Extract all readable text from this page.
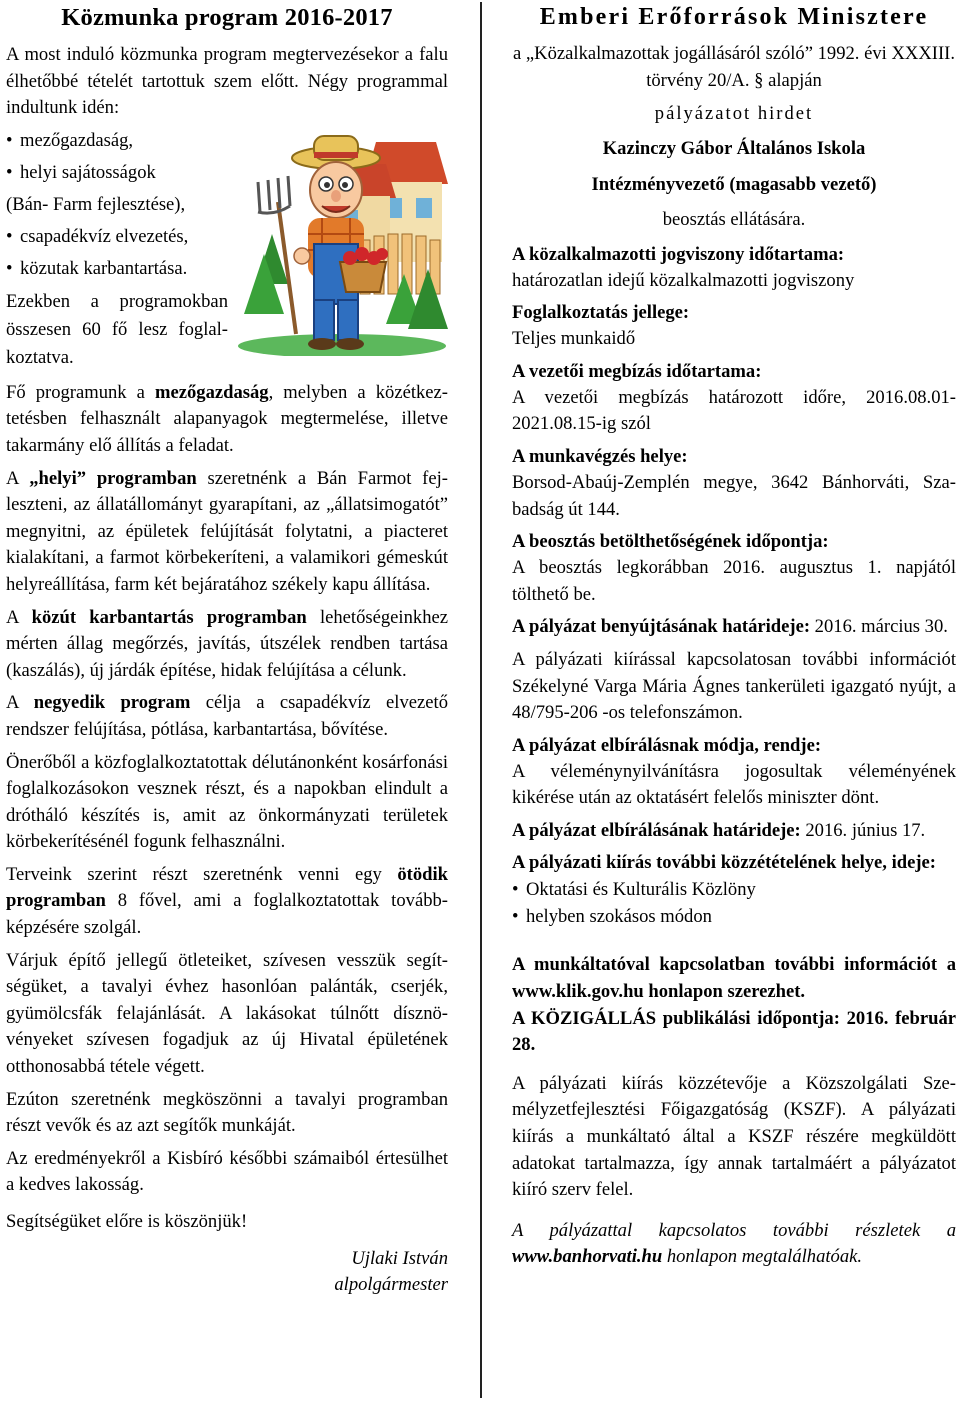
Közmunka program 2016-2017

A most induló közmunka program megtervezésekor a falu élhetőbbé tételét tartottuk szem előtt. Négy programmal indultunk idén:

• mezőgazdaság,
• helyi sajátosságok
(Bán- Farm fejlesztése),
• csapadékvíz elvezetés,
• közutak karbantartása.

Ezekben a programokban összesen 60 fő lesz foglalkoztatva.

Fő programunk a mezőgazdaság, melyben a közétkeztetésben felhasznált alapanyagok megtermelése, illetve takarmány elő állítás a feladat.

A „helyi” programban szeretnénk a Bán Farmot fejleszteni, az állatállományt gyarapítani, az „állatsimogatót” megnyitni, az épületek felújítását folytatni, a piacteret kialakítani, a farmot körbekeríteni, a valamikori gémeskút helyreállítása, farm két bejáratához székely kapu állítása.

A közút karbantartás programban lehetőségeinkhez mérten állag megőrzés, javítás, útszélek rendben tartása (kaszálás), új járdák építése, hidak felújítása a célunk.

A negyedik program célja a csapadékvíz elvezető rendszer felújítása, pótlása, karbantartása, bővítése.

Önerőből a közfoglalkoztatottak délutánonként kosárfonási foglalkozásokon vesznek részt, és a napokban elindult a drótháló készítés is, amit az önkormányzati területek körbekerítésénél fogunk felhasználni.

Terveink szerint részt szeretnénk venni egy ötödik programban 8 fővel, ami a foglalkoztatottak továbbképzésére szolgál.

Várjuk építő jellegű ötleteiket, szívesen vesszük segítségüket, a tavalyi évhez hasonlóan palánták, cserjék, gyümölcsfák felajánlását. A lakásokat túlnőtt dísznövényeket szívesen fogadjuk az új Hivatal épületének otthonosabbá tétele végett.

Ezúton szeretnénk megköszönni a tavalyi programban részt vevők és az azt segítők munkáját.

Az eredményekről a Kisbíró későbbi számaiból értesülhet a kedves lakosság.

Segítségüket előre is köszönjük!

Ujlaki István
alpolgármester
Emberi Erőforrások Minisztere

a „Közalkalmazottak jogállásáról szóló” 1992. évi XXXIII. törvény 20/A. § alapján

pályázatot hirdet

Kazinczy Gábor Általános Iskola

Intézményvezető (magasabb vezető)

beosztás ellátására.

A közalkalmazotti jogviszony időtartama:

határozatlan idejű közalkalmazotti jogviszony

Foglalkoztatás jellege:

Teljes munkaidő

A vezetői megbízás időtartama:

A vezetői megbízás határozott időre, 2016.08.01-2021.08.15-ig szól

A munkavégzés helye:

Borsod-Abaúj-Zemplén megye, 3642 Bánhorváti, Szabadság út 144.

A beosztás betölthetőségének időpontja:

A beosztás legkorábban 2016. augusztus 1. napjától tölthető be.

A pályázat benyújtásának határideje: 2016. március 30.

A pályázati kiírással kapcsolatosan további információt Székelyné Varga Mária Ágnes tankerületi igazgató nyújt, a 48/795-206 -os telefonszámon.

A pályázat elbírálásnak módja, rendje:

A véleménynyilvánításra jogosultak véleményének kikérése után az oktatásért felelős miniszter dönt.

A pályázat elbírálásának határideje: 2016. június 17.

A pályázati kiírás további közzétételének helye, ideje:
• Oktatási és Kulturális Közlöny
• helyben szokásos módon

A munkáltatóval kapcsolatban további információt a www.klik.gov.hu honlapon szerezhet.

A KÖZIGÁLLÁS publikálási időpontja: 2016. február 28.

A pályázati kiírás közzétevője a Közszolgálati Személyzetfejlesztési Főigazgatóság (KSZF). A pályázati kiírás a munkáltató által a KSZF részére megküldött adatokat tartalmazza, így annak tartalmáért a pályázatot kiíró szerv felel.

A pályázattal kapcsolatos további részletek a www.banhorvati.hu honlapon megtalálhatóak.
